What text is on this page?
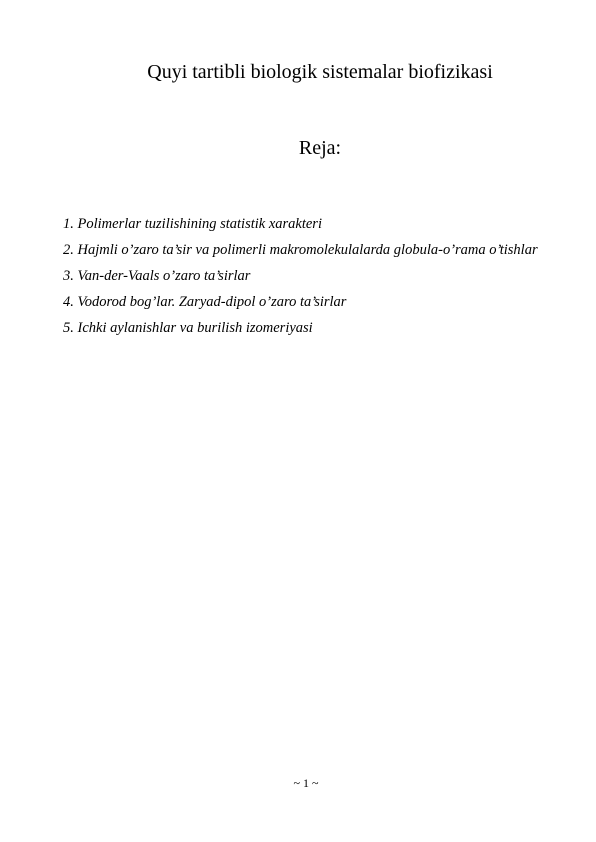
Quyi tartibli biologik sistemalar biofizikasi
Reja:
1. Polimerlar tuzilishining statistik xarakteri
2. Hajmli o’zaro ta’sir va polimerli makromolekulalarda globula-o’rama o’tishlar
3. Van-der-Vaals o’zaro ta’sirlar
4. Vodorod bog’lar. Zaryad-dipol o’zaro ta’sirlar
5. Ichki aylanishlar va burilish izomeriyasi
~ 1 ~
